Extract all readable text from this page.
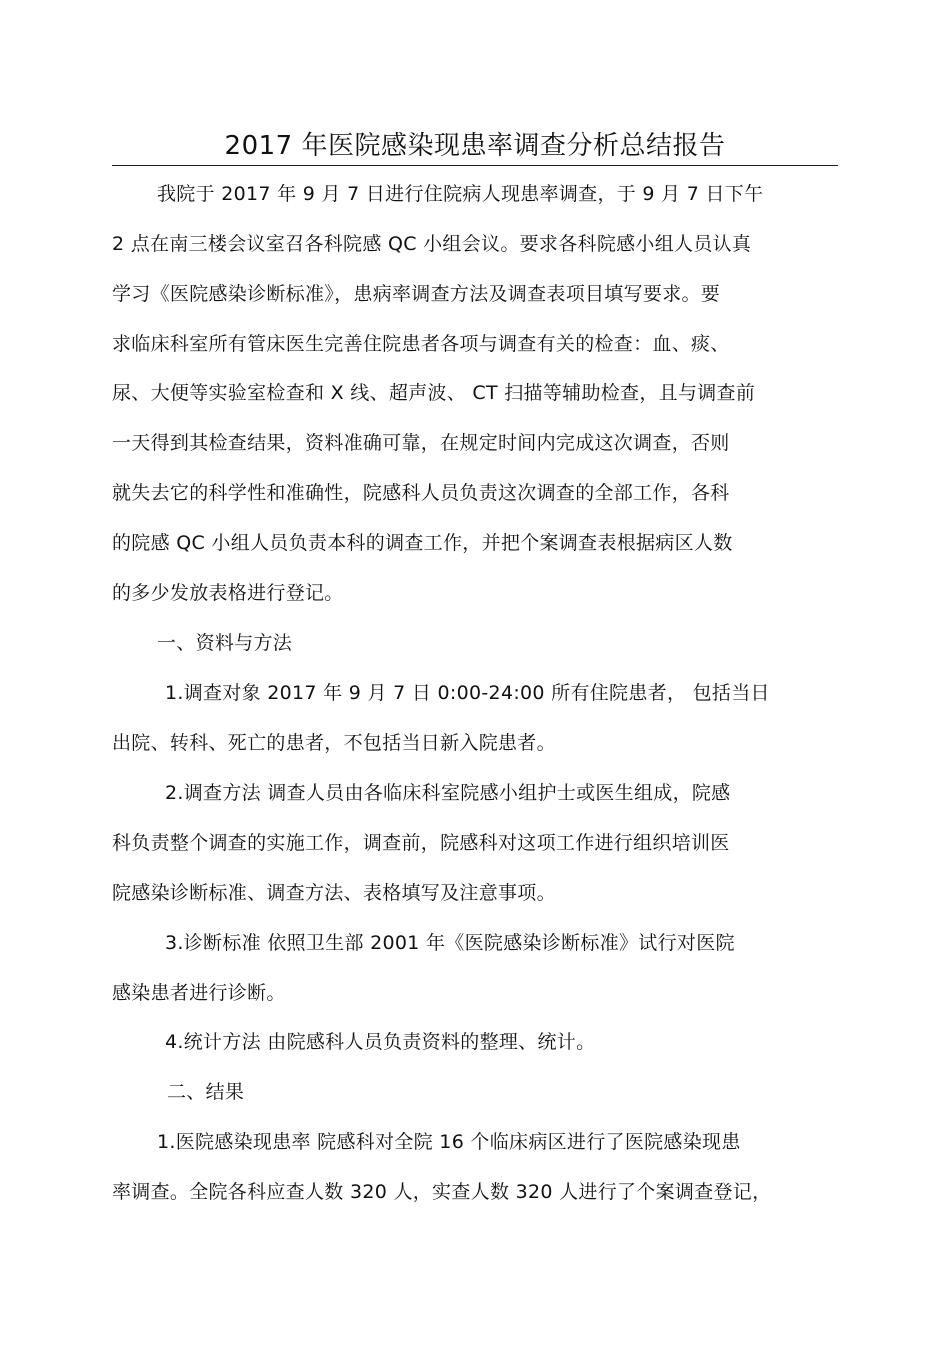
2017 年医院感染现患率调查分析总结报告
我院于 2017 年 9 月 7 日进行住院病人现患率调查，于 9 月 7 日下午
2 点在南三楼会议室召各科院感 QC 小组会议。要求各科院感小组人员认真
学习《医院感染诊断标准》，患病率调查方法及调查表项目填写要求。要
求临床科室所有管床医生完善住院患者各项与调查有关的检查：血、痰、
尿、大便等实验室检查和 X 线、超声波、 CT 扫描等辅助检查，且与调查前
一天得到其检查结果，资料准确可靠，在规定时间内完成这次调查，否则
就失去它的科学性和准确性，院感科人员负责这次调查的全部工作，各科
的院感 QC 小组人员负责本科的调查工作，并把个案调查表根据病区人数
的多少发放表格进行登记。
一、资料与方法
1.调查对象 2017 年 9 月 7 日 0:00-24:00 所有住院患者， 包括当日
出院、转科、死亡的患者，不包括当日新入院患者。
2.调查方法 调查人员由各临床科室院感小组护士或医生组成，院感
科负责整个调查的实施工作，调查前，院感科对这项工作进行组织培训医
院感染诊断标准、调查方法、表格填写及注意事项。
3.诊断标准 依照卫生部 2001 年《医院感染诊断标准》试行对医院
感染患者进行诊断。
4.统计方法 由院感科人员负责资料的整理、统计。
二、结果
1.医院感染现患率 院感科对全院 16 个临床病区进行了医院感染现患
率调查。全院各科应查人数 320 人，实查人数 320 人进行了个案调查登记，
